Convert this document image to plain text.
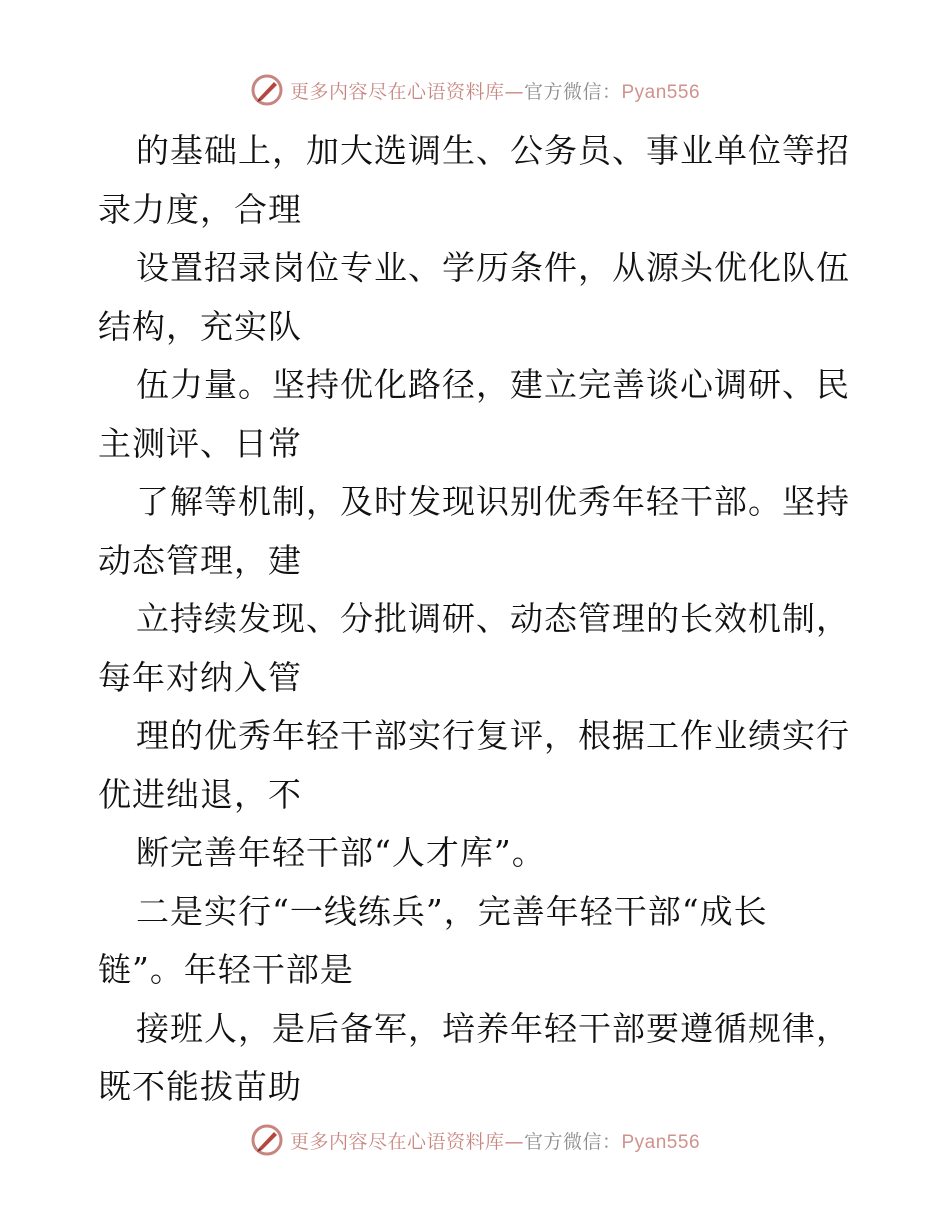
更多内容尽在心语资料库—官方微信：Pyan556
的基础上，加大选调生、公务员、事业单位等招
录力度，合理
设置招录岗位专业、学历条件，从源头优化队伍
结构，充实队
伍力量。坚持优化路径，建立完善谈心调研、民
主测评、日常
了解等机制，及时发现识别优秀年轻干部。坚持
动态管理，建
立持续发现、分批调研、动态管理的长效机制，
每年对纳入管
理的优秀年轻干部实行复评，根据工作业绩实行
优进绌退，不
断完善年轻干部“人才库”。
二是实行“一线练兵”，完善年轻干部“成长
链”。年轻干部是
接班人，是后备军，培养年轻干部要遵循规律，
既不能拔苗助
更多内容尽在心语资料库—官方微信：Pyan556
